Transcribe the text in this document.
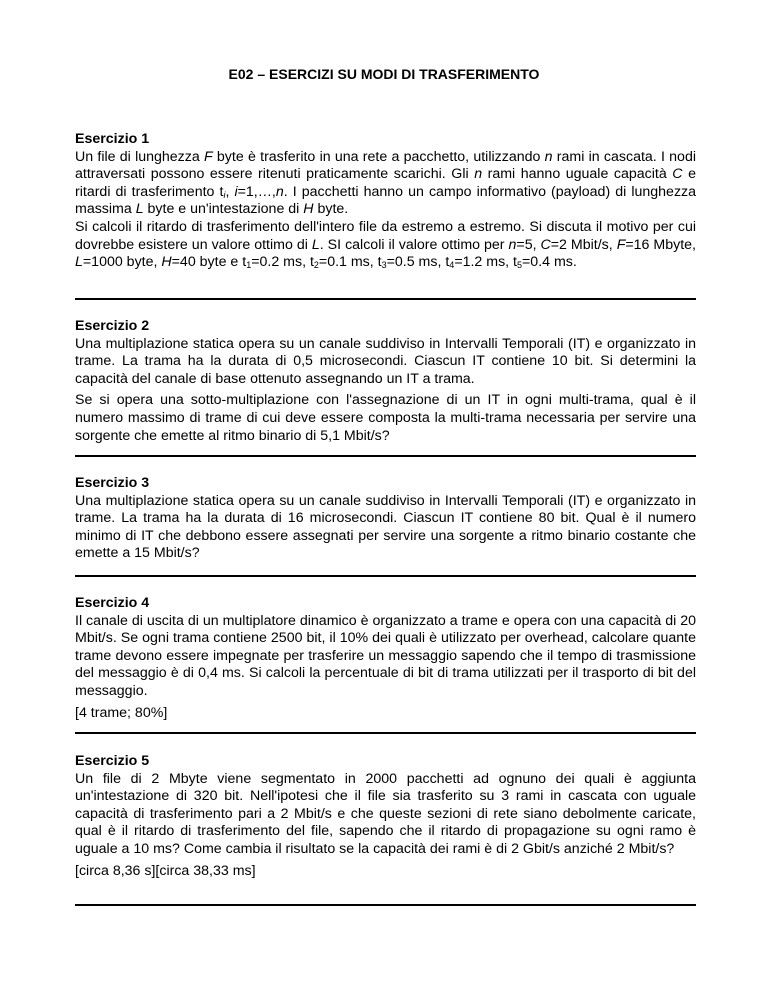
E02 – ESERCIZI SU MODI DI TRASFERIMENTO
Esercizio 1
Un file di lunghezza F byte è trasferito in una rete a pacchetto, utilizzando n rami in cascata. I nodi attraversati possono essere ritenuti praticamente scarichi. Gli n rami hanno uguale capacità C e ritardi di trasferimento $t_i$, i=1,…,n. I pacchetti hanno un campo informativo (payload) di lunghezza massima L byte e un'intestazione di H byte.
Si calcoli il ritardo di trasferimento dell'intero file da estremo a estremo. Si discuta il motivo per cui dovrebbe esistere un valore ottimo di L. SI calcoli il valore ottimo per n=5, C=2 Mbit/s, F=16 Mbyte, L=1000 byte, H=40 byte e $t_1=0.2$ ms, $t_2=0.1$ ms, $t_3=0.5$ ms, $t_4=1.2$ ms, $t_5=0.4$ ms.
Esercizio 2
Una multiplazione statica opera su un canale suddiviso in Intervalli Temporali (IT) e organizzato in trame. La trama ha la durata di 0,5 microsecondi. Ciascun IT contiene 10 bit. Si determini la capacità del canale di base ottenuto assegnando un IT a trama.
Se si opera una sotto-multiplazione con l'assegnazione di un IT in ogni multi-trama, qual è il numero massimo di trame di cui deve essere composta la multi-trama necessaria per servire una sorgente che emette al ritmo binario di 5,1 Mbit/s?
Esercizio 3
Una multiplazione statica opera su un canale suddiviso in Intervalli Temporali (IT) e organizzato in trame. La trama ha la durata di 16 microsecondi. Ciascun IT contiene 80 bit. Qual è il numero minimo di IT che debbono essere assegnati per servire una sorgente a ritmo binario costante che emette a 15 Mbit/s?
Esercizio 4
Il canale di uscita di un multiplatore dinamico è organizzato a trame e opera con una capacità di 20 Mbit/s. Se ogni trama contiene 2500 bit, il 10% dei quali è utilizzato per overhead, calcolare quante trame devono essere impegnate per trasferire un messaggio sapendo che il tempo di trasmissione del messaggio è di 0,4 ms. Si calcoli la percentuale di bit di trama utilizzati per il trasporto di bit del messaggio.
[4 trame; 80%]
Esercizio 5
Un file di 2 Mbyte viene segmentato in 2000 pacchetti ad ognuno dei quali è aggiunta un'intestazione di 320 bit. Nell'ipotesi che il file sia trasferito su 3 rami in cascata con uguale capacità di trasferimento pari a 2 Mbit/s e che queste sezioni di rete siano debolmente caricate, qual è il ritardo di trasferimento del file, sapendo che il ritardo di propagazione su ogni ramo è uguale a 10 ms? Come cambia il risultato se la capacità dei rami è di 2 Gbit/s anziché 2 Mbit/s?
[circa 8,36 s][circa 38,33 ms]
